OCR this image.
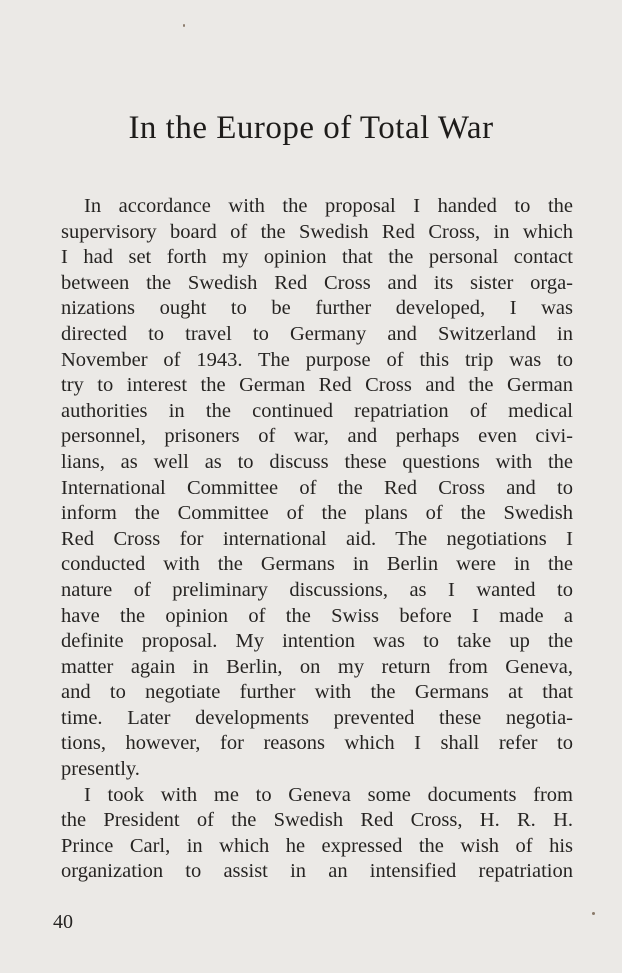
In the Europe of Total War
In accordance with the proposal I handed to the
supervisory board of the Swedish Red Cross, in which
I had set forth my opinion that the personal contact
between the Swedish Red Cross and its sister orga-
nizations ought to be further developed, I was
directed to travel to Germany and Switzerland in
November of 1943. The purpose of this trip was to
try to interest the German Red Cross and the German
authorities in the continued repatriation of medical
personnel, prisoners of war, and perhaps even civi-
lians, as well as to discuss these questions with the
International Committee of the Red Cross and to
inform the Committee of the plans of the Swedish
Red Cross for international aid. The negotiations I
conducted with the Germans in Berlin were in the
nature of preliminary discussions, as I wanted to
have the opinion of the Swiss before I made a
definite proposal. My intention was to take up the
matter again in Berlin, on my return from Geneva,
and to negotiate further with the Germans at that
time. Later developments prevented these negotia-
tions, however, for reasons which I shall refer to
presently.
I took with me to Geneva some documents from
the President of the Swedish Red Cross, H. R. H.
Prince Carl, in which he expressed the wish of his
organization to assist in an intensified repatriation
40
